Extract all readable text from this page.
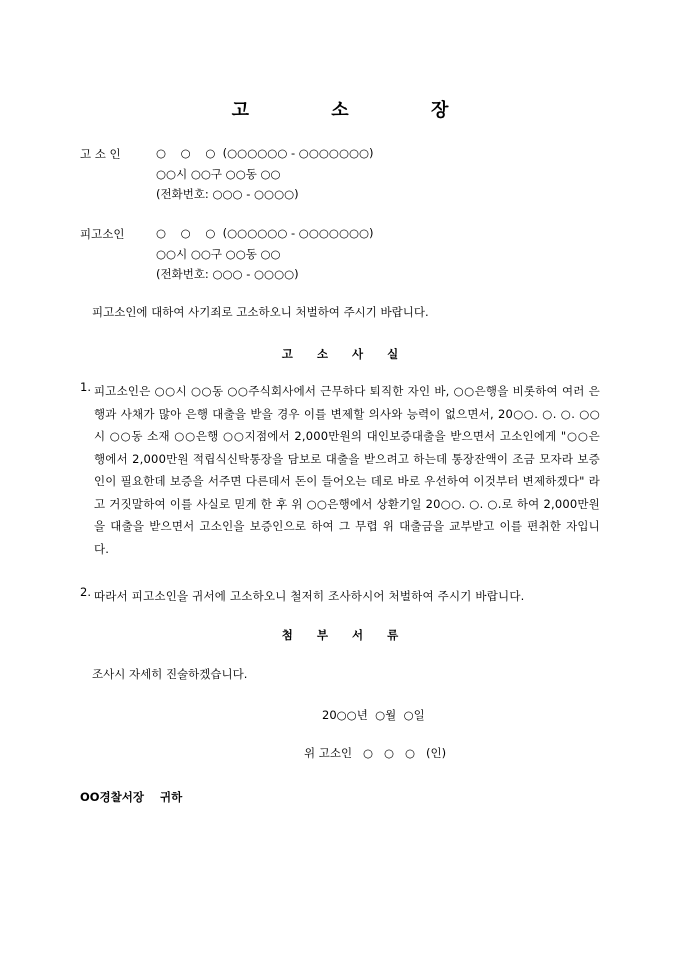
고 소 장
고 소 인	○    ○    ○  (○○○○○○ - ○○○○○○○)
○○시 ○○구 ○○동 ○○
(전화번호: ○○○ - ○○○○)
피고소인	○    ○    ○  (○○○○○○ - ○○○○○○○)
○○시 ○○구 ○○동 ○○
(전화번호: ○○○ - ○○○○)
피고소인에 대하여 사기죄로 고소하오니 처벌하여 주시기 바랍니다.
고 소 사 실
1. 피고소인은 ○○시 ○○동 ○○주식회사에서 근무하다 퇴직한 자인 바, ○○은행을 비롯하여 여러 은행과 사채가 많아 은행 대출을 받을 경우 이를 변제할 의사와 능력이 없으면서, 20○○. ○. ○. ○○시 ○○동 소재 ○○은행 ○○지점에서 2,000만원의 대인보증대출을 받으면서 고소인에게 "○○은행에서 2,000만원 적립식신탁통장을 담보로 대출을 받으려고 하는데 통장잔액이 조금 모자라 보증인이 필요한데 보증을 서주면 다른데서 돈이 들어오는 데로 바로 우선하여 이것부터 변제하겠다" 라고 거짓말하여 이를 사실로 믿게 한 후 위 ○○은행에서 상환기일 20○○. ○. ○.로 하여 2,000만원을 대출을 받으면서 고소인을 보증인으로 하여 그 무렵 위 대출금을 교부받고 이를 편취한 자입니다.
2. 따라서 피고소인을 귀서에 고소하오니 철저히 조사하시어 처벌하여 주시기 바랍니다.
첨 부 서 류
조사시 자세히 진술하겠습니다.
20○○년  ○월  ○일
위 고소인   ○   ○   ○   (인)
OO경찰서장    귀하
